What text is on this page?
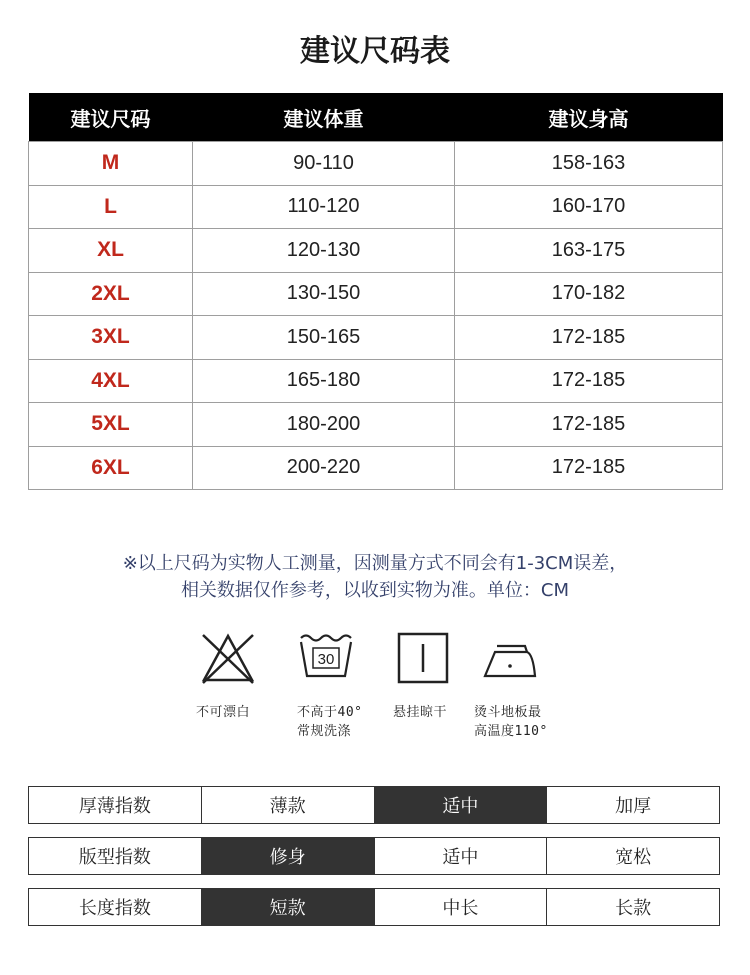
建议尺码表
建议尺码	建议体重	建议身高
M	90-110	158-163
L	110-120	160-170
XL	120-130	163-175
2XL	130-150	170-182
3XL	150-165	172-185
4XL	165-180	172-185
5XL	180-200	172-185
6XL	200-220	172-185
※以上尺码为实物人工测量，因测量方式不同会有1-3CM误差，
相关数据仅作参考，以收到实物为准。单位：CM
30
不可漂白	不高于40°
常规洗涤
悬挂晾干 烫斗地板最
高温度110°
厚薄指数	薄款	适中	加厚
版型指数	修身	适中	宽松
长度指数	短款	中长	长款
